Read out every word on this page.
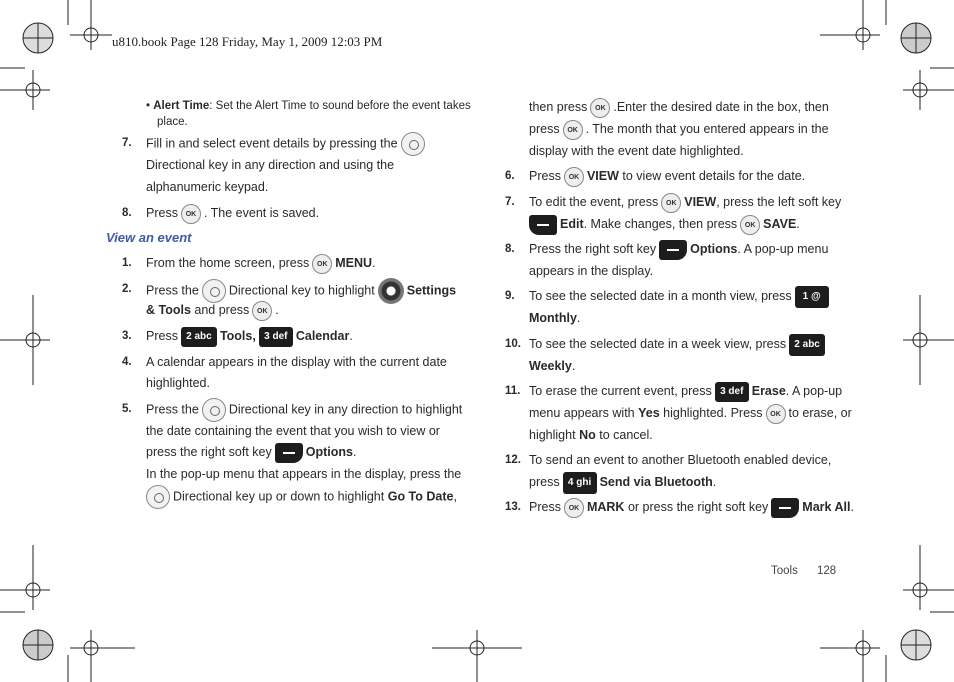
u810.book Page 128 Friday, May 1, 2009 12:03 PM
• Alert Time: Set the Alert Time to sound before the event takes
place.
7. Fill in and select event details by pressing the
Directional key in any direction and using the
alphanumeric keypad.
8. Press OK . The event is saved.
View an event
1. From the home screen, press OK MENU.
2. Press the Directional key to highlight	Settings
& Tools and press OK .
3. Press 2 abc Tools, 3 def Calendar.
4. A calendar appears in the display with the current date
highlighted.
5. Press the Directional key in any direction to highlight
the date containing the event that you wish to view or
press the right soft key	Options.
In the pop-up menu that appears in the display, press the
Directional key up or down to highlight Go To Date,
then press OK .Enter the desired date in the box, then
press OK . The month that you entered appears in the
display with the event date highlighted.
6. Press OK VIEW to view event details for the date.
7. To edit the event, press OK VIEW, press the left soft key
Edit. Make changes, then press OK SAVE.
8. Press the right soft key	Options. A pop-up menu
appears in the display.
9. To see the selected date in a month view, press 1 @
Monthly.
10. To see the selected date in a week view, press 2 abc
Weekly.
11. To erase the current event, press 3 def Erase. A pop-up
menu appears with Yes highlighted. Press OK to erase, or
highlight No to cancel.
12. To send an event to another Bluetooth enabled device,
press 4 ghi Send via Bluetooth.
13. Press OK MARK or press the right soft key	Mark All.
Tools 128
